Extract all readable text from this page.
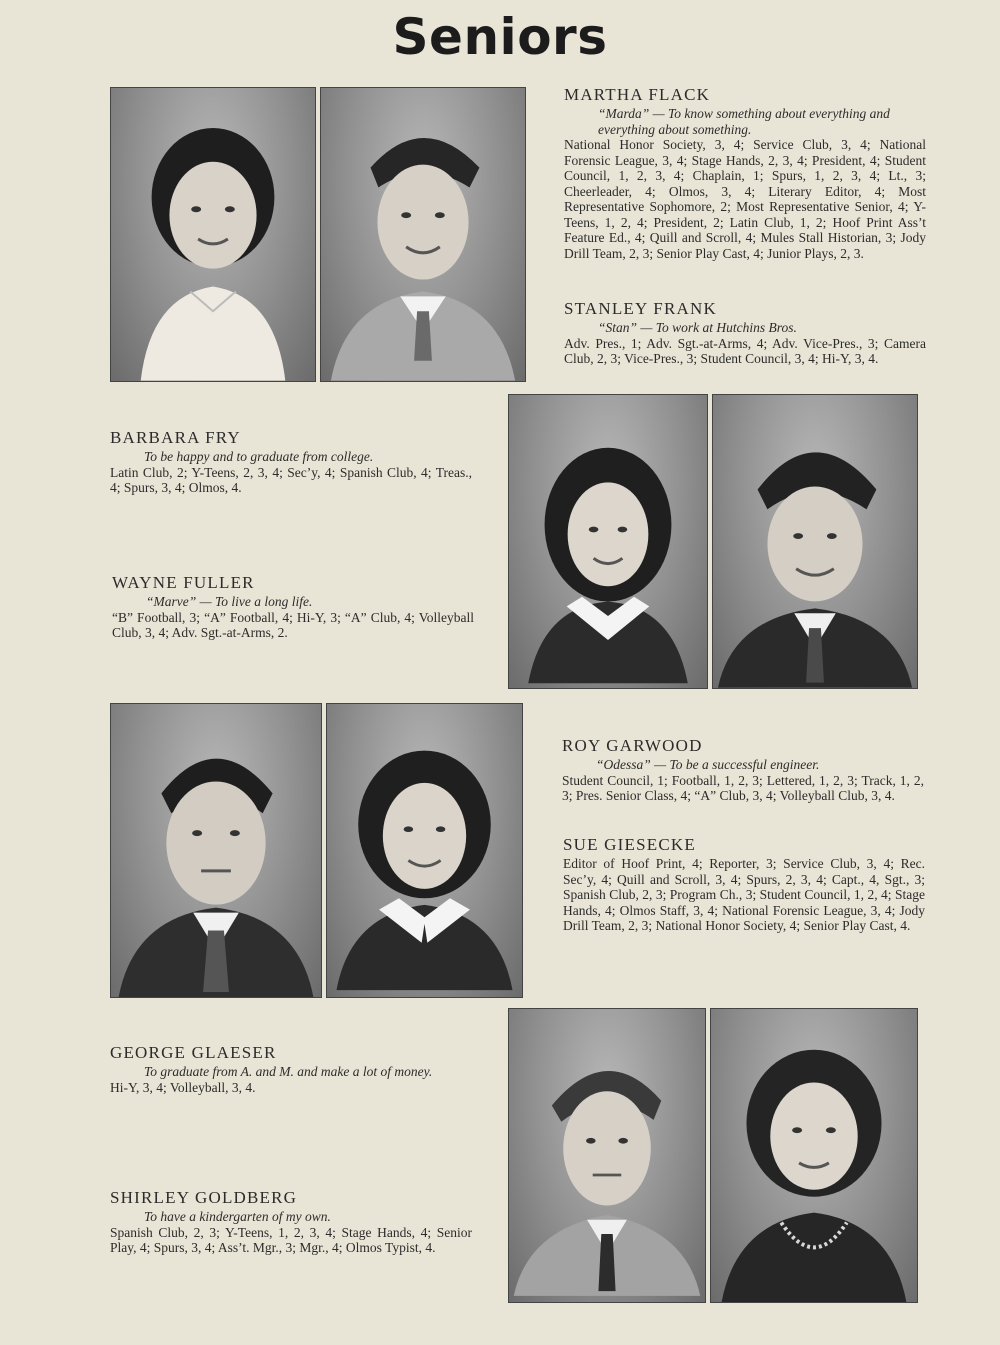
Seniors

MARTHA FLACK

“Marda” — To know something about everything and everything about something.

National Honor Society, 3, 4; Service Club, 3, 4; National Forensic League, 3, 4; Stage Hands, 2, 3, 4; President, 4; Student Council, 1, 2, 3, 4; Chaplain, 1; Spurs, 1, 2, 3, 4; Lt., 3; Cheerleader, 4; Olmos, 3, 4; Literary Editor, 4; Most Representative Sophomore, 2; Most Representative Senior, 4; Y-Teens, 1, 2, 4; President, 2; Latin Club, 1, 2; Hoof Print Ass’t Feature Ed., 4; Quill and Scroll, 4; Mules Stall Historian, 3; Jody Drill Team, 2, 3; Senior Play Cast, 4; Junior Plays, 2, 3.

STANLEY FRANK

“Stan” — To work at Hutchins Bros.

Adv. Pres., 1; Adv. Sgt.-at-Arms, 4; Adv. Vice-Pres., 3; Camera Club, 2, 3; Vice-Pres., 3; Student Council, 3, 4; Hi-Y, 3, 4.

BARBARA FRY

To be happy and to graduate from college.

Latin Club, 2; Y-Teens, 2, 3, 4; Sec’y, 4; Spanish Club, 4; Treas., 4; Spurs, 3, 4; Olmos, 4.

WAYNE FULLER

“Marve” — To live a long life.

“B” Football, 3; “A” Football, 4; Hi-Y, 3; “A” Club, 4; Volleyball Club, 3, 4; Adv. Sgt.-at-Arms, 2.

ROY GARWOOD

“Odessa” — To be a successful engineer.

Student Council, 1; Football, 1, 2, 3; Lettered, 1, 2, 3; Track, 1, 2, 3; Pres. Senior Class, 4; “A” Club, 3, 4; Volleyball Club, 3, 4.

SUE GIESECKE

Editor of Hoof Print, 4; Reporter, 3; Service Club, 3, 4; Rec. Sec’y, 4; Quill and Scroll, 3, 4; Spurs, 2, 3, 4; Capt., 4, Sgt., 3; Spanish Club, 2, 3; Program Ch., 3; Student Council, 1, 2, 4; Stage Hands, 4; Olmos Staff, 3, 4; National Forensic League, 3, 4; Jody Drill Team, 2, 3; National Honor Society, 4; Senior Play Cast, 4.

GEORGE GLAESER

To graduate from A. and M. and make a lot of money.

Hi-Y, 3, 4; Volleyball, 3, 4.

SHIRLEY GOLDBERG

To have a kindergarten of my own.

Spanish Club, 2, 3; Y-Teens, 1, 2, 3, 4; Stage Hands, 4; Senior Play, 4; Spurs, 3, 4; Ass’t. Mgr., 3; Mgr., 4; Olmos Typist, 4.
